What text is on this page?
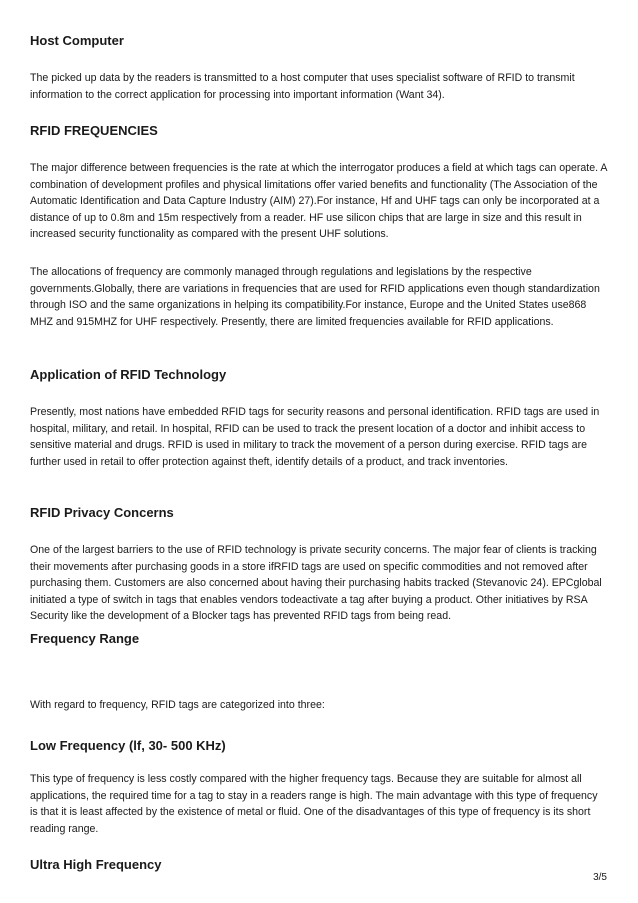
Host Computer

The picked up data by the readers is transmitted to a host computer that uses specialist software of RFID to transmit information to the correct application for processing into important information (Want 34).

RFID FREQUENCIES

The major difference between frequencies is the rate at which the interrogator produces a field at which tags can operate. A combination of development profiles and physical limitations offer varied benefits and functionality (The Association of the Automatic Identification and Data Capture Industry (AIM) 27).For instance, Hf and UHF tags can only be incorporated at a distance of up to 0.8m and 15m respectively from a reader. HF use silicon chips that are large in size and this result in increased security functionality as compared with the present UHF solutions.

The allocations of frequency are commonly managed through regulations and legislations by the respective governments.Globally, there are variations in frequencies that are used for RFID applications even though standardization through ISO and the same organizations in helping its compatibility.For instance, Europe and the United States use868 MHZ and 915MHZ for UHF respectively. Presently, there are limited frequencies available for RFID applications.

Application of RFID Technology

Presently, most nations have embedded RFID tags for security reasons and personal identification. RFID tags are used in hospital, military, and retail. In hospital, RFID can be used to track the present location of a doctor and inhibit access to sensitive material and drugs. RFID is used in military to track the movement of a person during exercise. RFID tags are further used in retail to offer protection against theft, identify details of a product, and track inventories.

RFID Privacy Concerns

One of the largest barriers to the use of RFID technology is private security concerns. The major fear of clients is tracking their movements after purchasing goods in a store ifRFID tags are used on specific commodities and not removed after purchasing them. Customers are also concerned about having their purchasing habits tracked (Stevanovic 24). EPCglobal initiated a type of switch in tags that enables vendors todeactivate a tag after buying a product. Other initiatives by RSA Security like the development of a Blocker tags has prevented RFID tags from being read.

Frequency Range

With regard to frequency, RFID tags are categorized into three:

Low Frequency (lf, 30- 500 KHz)

This type of frequency is less costly compared with the higher frequency tags. Because they are suitable for almost all applications, the required time for a tag to stay in a readers range is high. The main advantage with this type of frequency is that it is least affected by the existence of metal or fluid. One of the disadvantages of this type of frequency is its short reading range.

Ultra High Frequency
3/5
